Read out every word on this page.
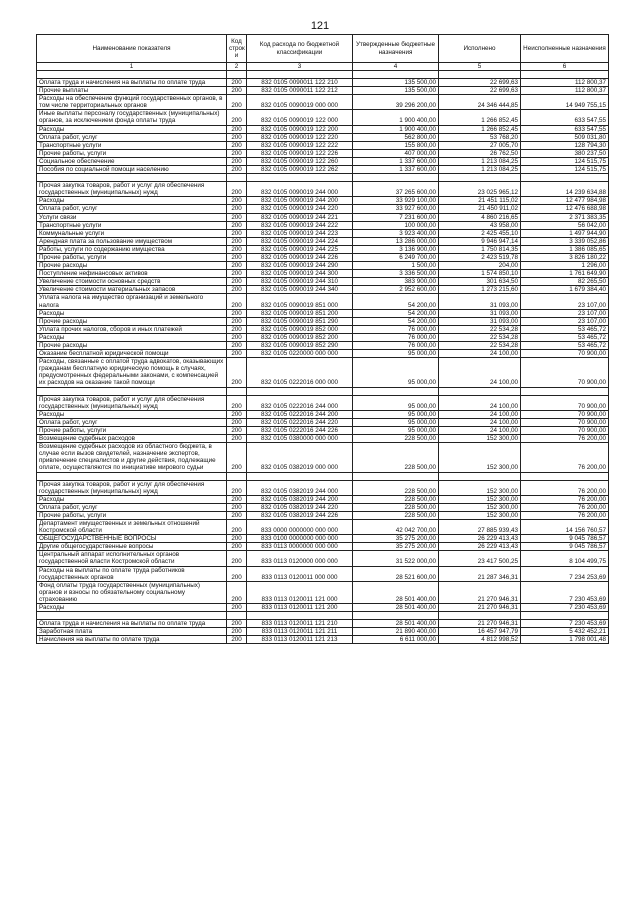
121
Наименование показателя	Код строк и	Код расхода по бюджетной классификации	Утвержденные бюджетные назначения	Исполнено	Неисполненные назначения
1	2	3	4	5	6

Оплата труда и начисления на выплаты по оплате труда	200	832 0105 0090011 122 210	135 500,00	22 699,63	112 800,37
Прочие выплаты	200	832 0105 0090011 122 212	135 500,00	22 699,63	112 800,37
Расходы на обеспечение функций государственных органов, в том числе территориальных органов	200	832 0105 0090019 000 000	39 296 200,00	24 346 444,85	14 949 755,15
Иные выплаты персоналу государственных (муниципальных) органов, за исключением фонда оплаты труда	200	832 0105 0090019 122 000	1 900 400,00	1 266 852,45	633 547,55
Расходы	200	832 0105 0090019 122 200	1 900 400,00	1 266 852,45	633 547,55
Оплата работ, услуг	200	832 0105 0090019 122 220	562 800,00	53 768,20	509 031,80
Транспортные услуги	200	832 0105 0090019 122 222	155 800,00	27 005,70	128 794,30
Прочие работы, услуги	200	832 0105 0090019 122 226	407 000,00	26 762,50	380 237,50
Социальное обеспечение	200	832 0105 0090019 122 260	1 337 600,00	1 213 084,25	124 515,75
Пособия по социальной помощи населению	200	832 0105 0090019 122 262	1 337 600,00	1 213 084,25	124 515,75

Прочая закупка товаров, работ и услуг для обеспечения государственных (муниципальных) нужд	200	832 0105 0090019 244 000	37 265 600,00	23 025 965,12	14 239 634,88
Расходы	200	832 0105 0090019 244 200	33 929 100,00	21 451 115,02	12 477 984,98
Оплата работ, услуг	200	832 0105 0090019 244 220	33 927 600,00	21 450 911,02	12 476 688,98
Услуги связи	200	832 0105 0090019 244 221	7 231 600,00	4 860 216,65	2 371 383,35
Транспортные услуги	200	832 0105 0090019 244 222	100 000,00	43 958,00	56 042,00
Коммунальные услуги	200	832 0105 0090019 244 223	3 923 400,00	2 425 455,10	1 497 944,90
Арендная плата за пользование имуществом	200	832 0105 0090019 244 224	13 286 000,00	9 946 947,14	3 339 052,86
Работы, услуги по содержанию имущества	200	832 0105 0090019 244 225	3 136 900,00	1 750 814,35	1 386 085,65
Прочие работы, услуги	200	832 0105 0090019 244 226	6 249 700,00	2 423 519,78	3 826 180,22
Прочие расходы	200	832 0105 0090019 244 290	1 500,00	204,00	1 296,00
Поступление нефинансовых активов	200	832 0105 0090019 244 300	3 336 500,00	1 574 850,10	1 761 649,90
Увеличение стоимости основных средств	200	832 0105 0090019 244 310	383 900,00	301 634,50	82 265,50
Увеличение стоимости материальных запасов	200	832 0105 0090019 244 340	2 952 600,00	1 273 215,60	1 679 384,40
Уплата налога на имущество организаций и земельного налога	200	832 0105 0090019 851 000	54 200,00	31 093,00	23 107,00
Расходы	200	832 0105 0090019 851 200	54 200,00	31 093,00	23 107,00
Прочие расходы	200	832 0105 0090019 851 290	54 200,00	31 093,00	23 107,00
Уплата прочих налогов, сборов и иных платежей	200	832 0105 0090019 852 000	76 000,00	22 534,28	53 465,72
Расходы	200	832 0105 0090019 852 200	76 000,00	22 534,28	53 465,72
Прочие расходы	200	832 0105 0090019 852 290	76 000,00	22 534,28	53 465,72
Оказание бесплатной юридической помощи	200	832 0105 0220000 000 000	95 000,00	24 100,00	70 900,00
Расходы, связанные с оплатой труда адвокатов, оказывающих гражданам бесплатную юридическую помощь в случаях, предусмотренных федеральными законами, с компенсацией их расходов на оказание такой помощи	200	832 0105 0222016 000 000	95 000,00	24 100,00	70 900,00

Прочая закупка товаров, работ и услуг для обеспечения государственных (муниципальных) нужд	200	832 0105 0222016 244 000	95 000,00	24 100,00	70 900,00
Расходы	200	832 0105 0222016 244 200	95 000,00	24 100,00	70 900,00
Оплата работ, услуг	200	832 0105 0222016 244 220	95 000,00	24 100,00	70 900,00
Прочие работы, услуги	200	832 0105 0222016 244 226	95 000,00	24 100,00	70 900,00
Возмещение судебных расходов	200	832 0105 0380000 000 000	228 500,00	152 300,00	76 200,00
Возмещение судебных расходов из областного бюджета, в случае если вызов свидетелей, назначение экспертов, привлечение специалистов и другие действия, подлежащие оплате, осуществляются по инициативе мирового судьи	200	832 0105 0382019 000 000	228 500,00	152 300,00	76 200,00

Прочая закупка товаров, работ и услуг для обеспечения государственных (муниципальных) нужд	200	832 0105 0382019 244 000	228 500,00	152 300,00	76 200,00
Расходы	200	832 0105 0382019 244 200	228 500,00	152 300,00	76 200,00
Оплата работ, услуг	200	832 0105 0382019 244 220	228 500,00	152 300,00	76 200,00
Прочие работы, услуги	200	832 0105 0382019 244 226	228 500,00	152 300,00	76 200,00
Департамент имущественных и земельных отношений Костромской области	200	833 0000 0000000 000 000	42 042 700,00	27 885 939,43	14 156 760,57
ОБЩЕГОСУДАРСТВЕННЫЕ ВОПРОСЫ	200	833 0100 0000000 000 000	35 275 200,00	26 229 413,43	9 045 786,57
Другие общегосударственные вопросы	200	833 0113 0000000 000 000	35 275 200,00	26 229 413,43	9 045 786,57
Центральный аппарат исполнительных органов государственной власти Костромской области	200	833 0113 0120000 000 000	31 522 000,00	23 417 500,25	8 104 499,75
Расходы на выплаты по оплате труда работников государственных органов	200	833 0113 0120011 000 000	28 521 600,00	21 287 346,31	7 234 253,69
Фонд оплаты труда государственных (муниципальных) органов и взносы по обязательному социальному страхованию	200	833 0113 0120011 121 000	28 501 400,00	21 270 946,31	7 230 453,69
Расходы	200	833 0113 0120011 121 200	28 501 400,00	21 270 946,31	7 230 453,69

Оплата труда и начисления на выплаты по оплате труда	200	833 0113 0120011 121 210	28 501 400,00	21 270 946,31	7 230 453,69
Заработная плата	200	833 0113 0120011 121 211	21 890 400,00	16 457 947,79	5 432 452,21
Начисления на выплаты по оплате труда	200	833 0113 0120011 121 213	6 611 000,00	4 812 998,52	1 798 001,48
